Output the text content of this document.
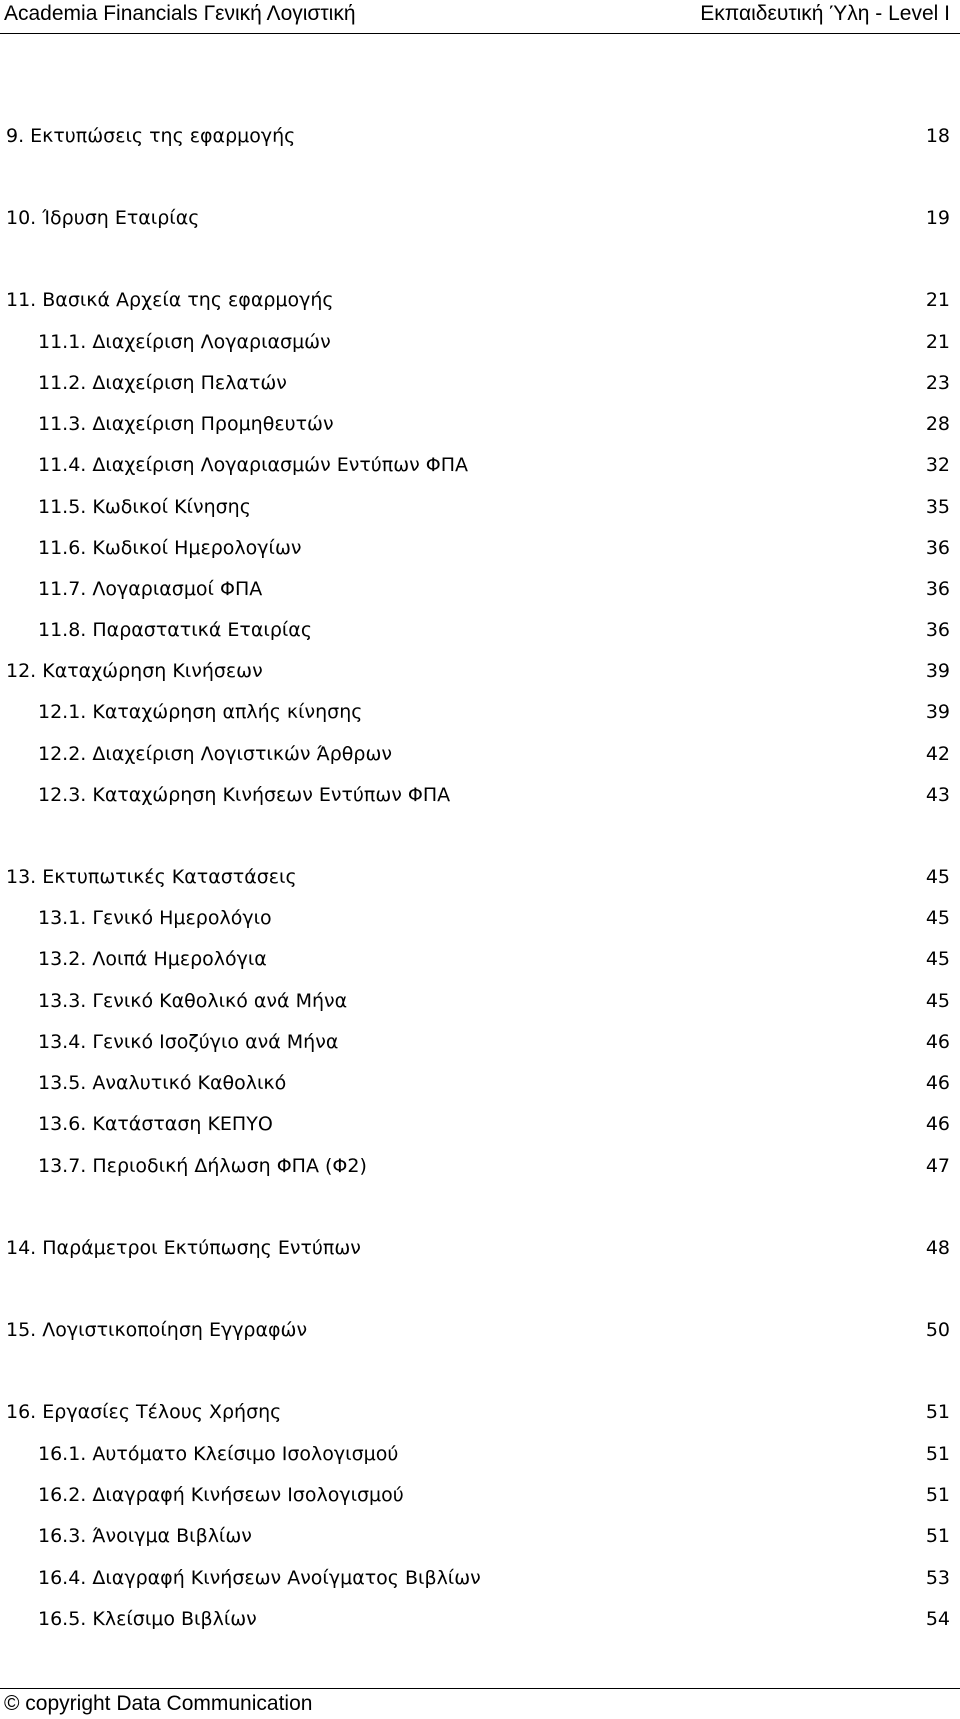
Academia Financials Γενική Λογιστική	Εκπαιδευτική Ύλη - Level I
9. Εκτυπώσεις της εφαρμογής	18
10. Ίδρυση Εταιρίας	19
11. Βασικά Αρχεία της εφαρμογής	21
11.1. Διαχείριση Λογαριασμών	21
11.2. Διαχείριση Πελατών	23
11.3. Διαχείριση Προμηθευτών	28
11.4. Διαχείριση Λογαριασμών Εντύπων ΦΠΑ	32
11.5. Κωδικοί Κίνησης	35
11.6. Κωδικοί Ημερολογίων	36
11.7. Λογαριασμοί ΦΠΑ	36
11.8. Παραστατικά Εταιρίας	36
12. Καταχώρηση Κινήσεων	39
12.1. Καταχώρηση απλής κίνησης	39
12.2. Διαχείριση Λογιστικών Άρθρων	42
12.3. Καταχώρηση Κινήσεων Εντύπων ΦΠΑ	43
13. Εκτυπωτικές Καταστάσεις	45
13.1. Γενικό Ημερολόγιο	45
13.2. Λοιπά Ημερολόγια	45
13.3. Γενικό Καθολικό ανά Μήνα	45
13.4. Γενικό Ισοζύγιο ανά Μήνα	46
13.5. Αναλυτικό Καθολικό	46
13.6. Κατάσταση ΚΕΠΥΟ	46
13.7. Περιοδική Δήλωση ΦΠΑ (Φ2)	47
14. Παράμετροι Εκτύπωσης Εντύπων	48
15. Λογιστικοποίηση Εγγραφών	50
16. Εργασίες Τέλους Χρήσης	51
16.1. Αυτόματο Κλείσιμο Ισολογισμού	51
16.2. Διαγραφή Κινήσεων Ισολογισμού	51
16.3. Άνοιγμα Βιβλίων	51
16.4. Διαγραφή Κινήσεων Ανοίγματος Βιβλίων	53
16.5. Κλείσιμο Βιβλίων	54
© copyright Data Communication
